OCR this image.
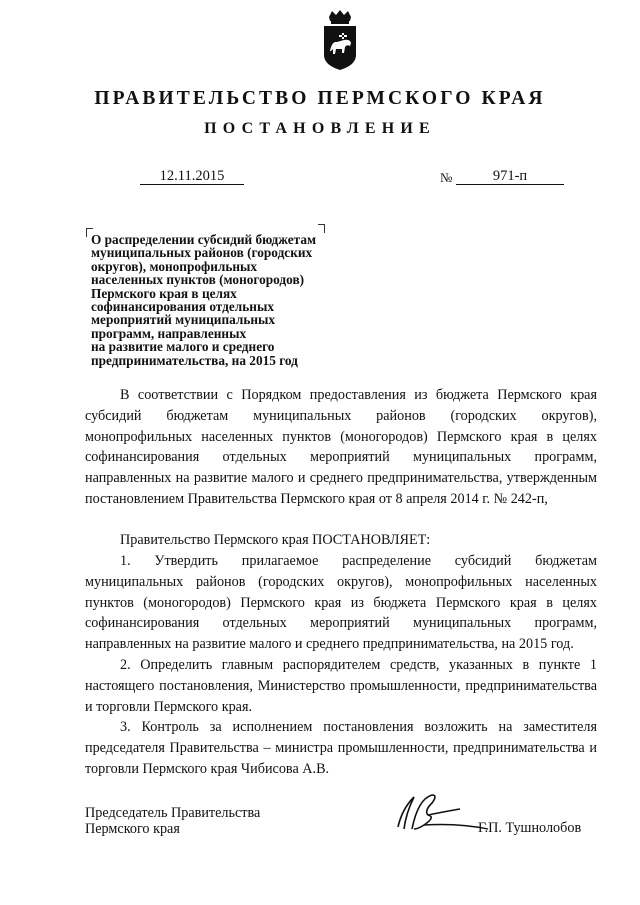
ПРАВИТЕЛЬСТВО ПЕРМСКОГО КРАЯ
ПОСТАНОВЛЕНИЕ
12.11.2015	№	971-п
О распределении субсидий бюджетам
муниципальных районов (городских
округов), монопрофильных
населенных пунктов (моногородов)
Пермского края в целях
софинансирования отдельных
мероприятий муниципальных
программ, направленных
на развитие малого и среднего
предпринимательства, на 2015 год
В соответствии с Порядком предоставления из бюджета Пермского края субсидий бюджетам муниципальных районов (городских округов), монопрофильных населенных пунктов (моногородов) Пермского края в целях софинансирования отдельных мероприятий муниципальных программ, направленных на развитие малого и среднего предпринимательства, утвержденным постановлением Правительства Пермского края от 8 апреля 2014 г. № 242-п,
Правительство Пермского края ПОСТАНОВЛЯЕТ:
1. Утвердить прилагаемое распределение субсидий бюджетам муниципальных районов (городских округов), монопрофильных населенных пунктов (моногородов) Пермского края из бюджета Пермского края в целях софинансирования отдельных мероприятий муниципальных программ, направленных на развитие малого и среднего предпринимательства, на 2015 год.
2. Определить главным распорядителем средств, указанных в пункте 1 настоящего постановления, Министерство промышленности, предпринимательства и торговли Пермского края.
3. Контроль за исполнением постановления возложить на заместителя председателя Правительства – министра промышленности, предпринимательства и торговли Пермского края Чибисова А.В.
Председатель Правительства
Пермского края	Г.П. Тушнолобов
